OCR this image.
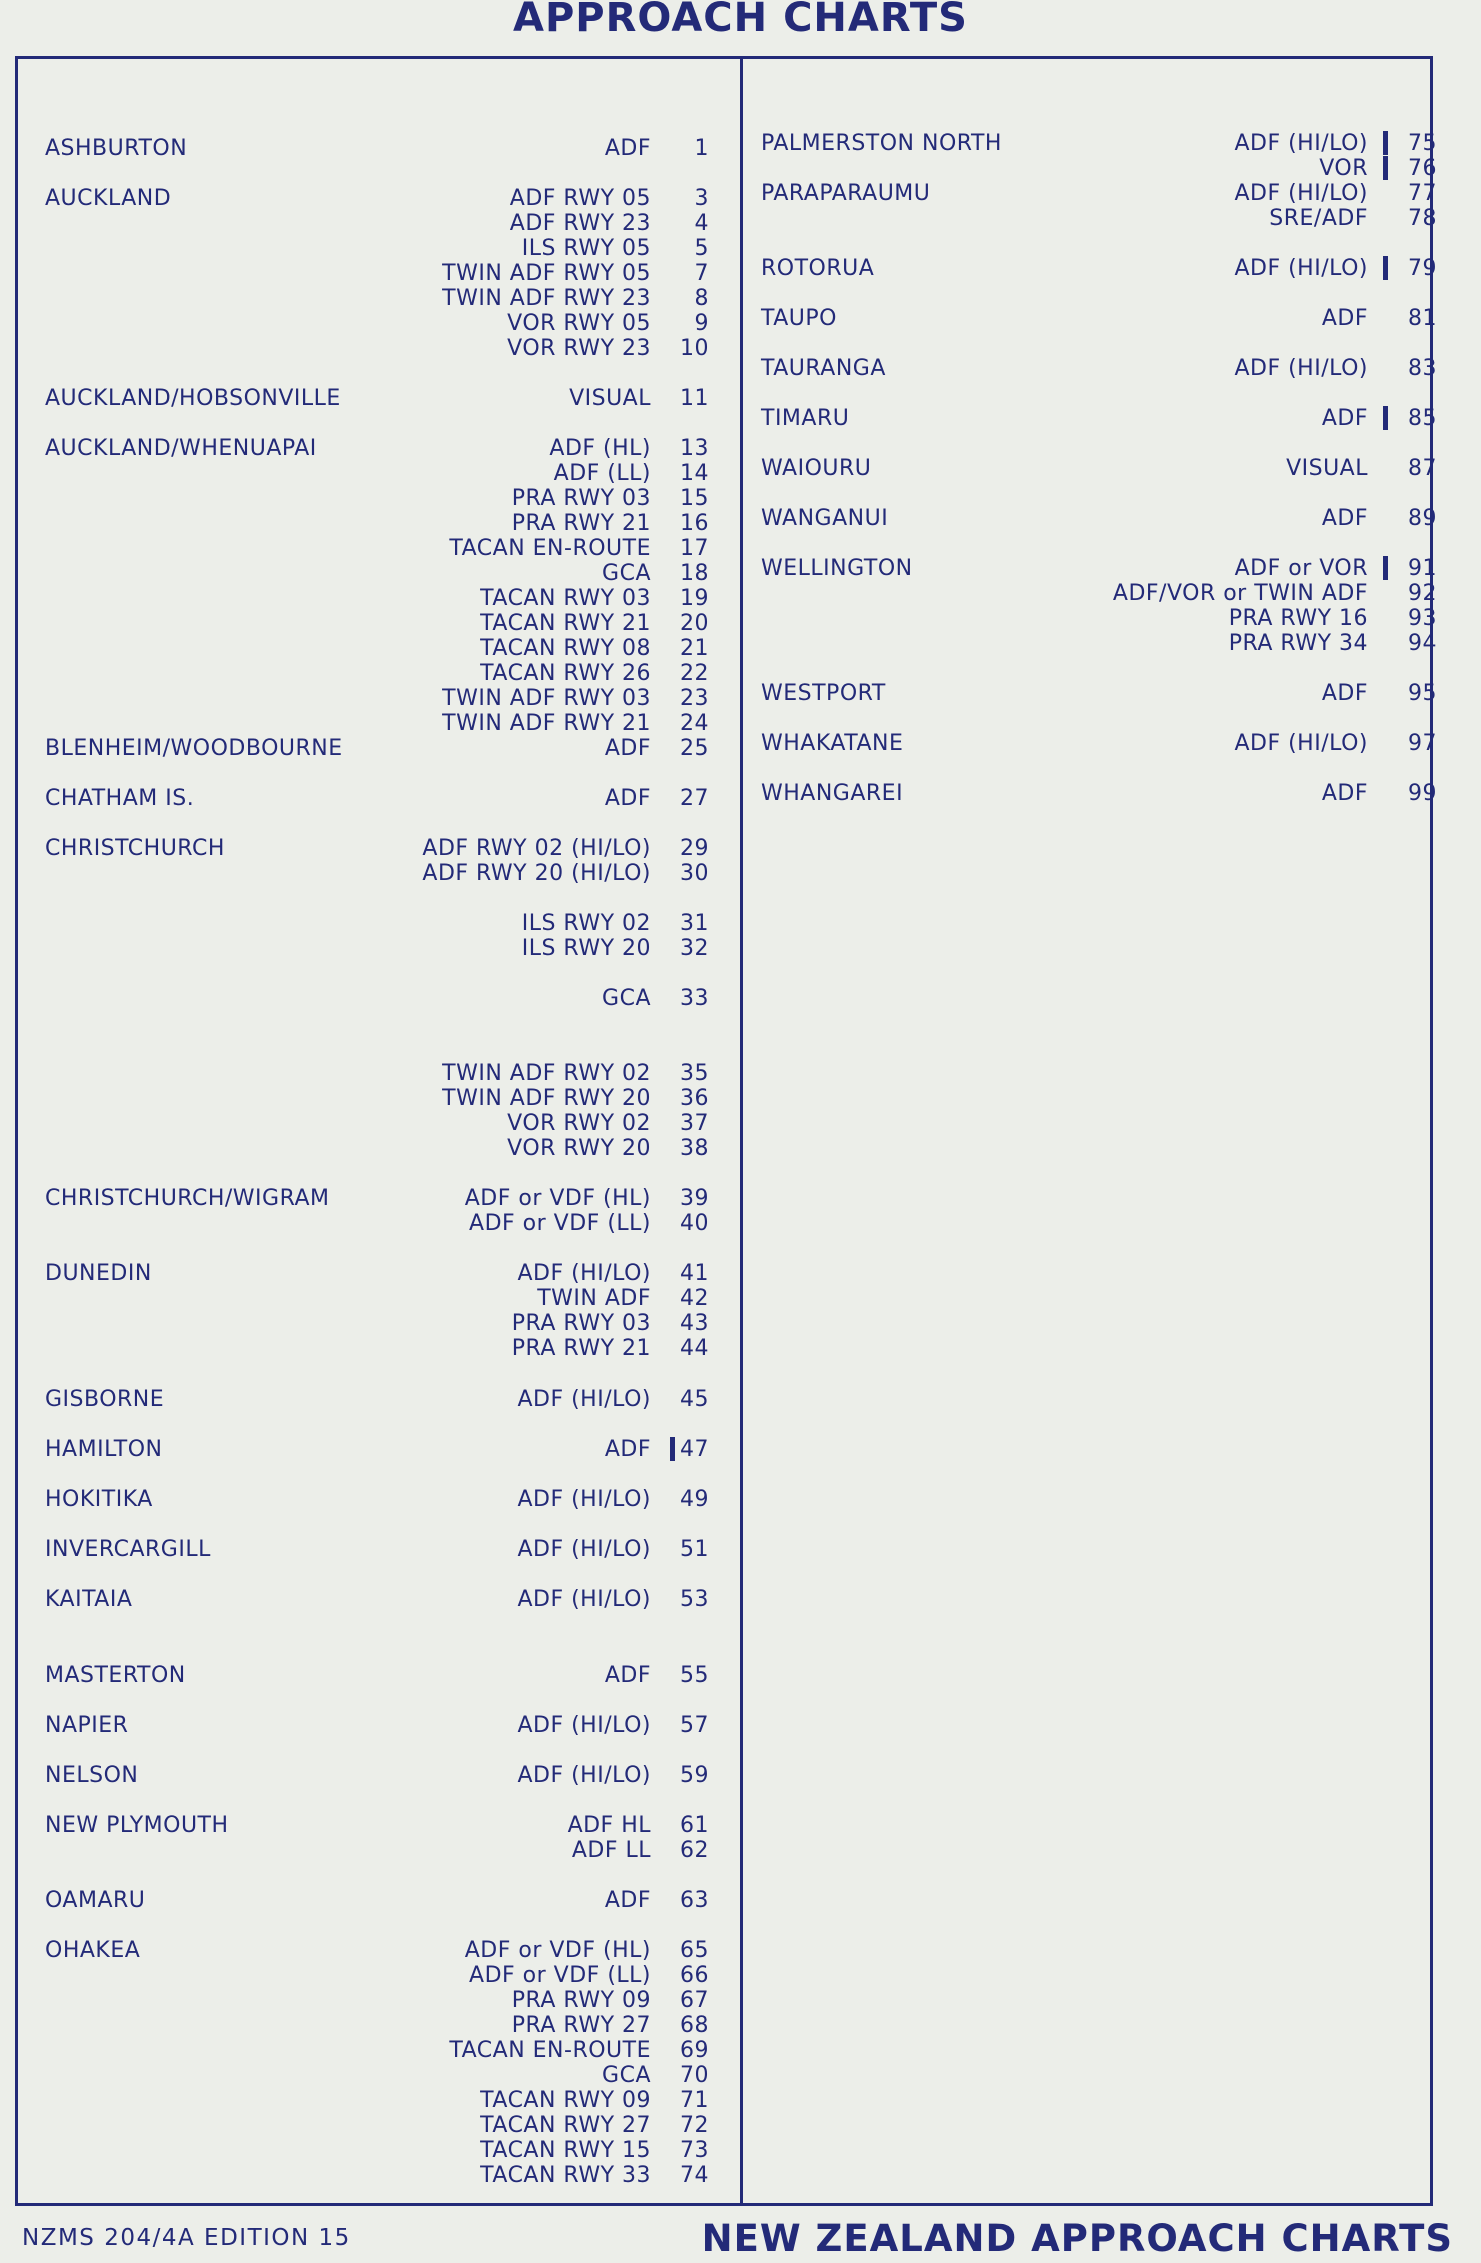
APPROACH CHARTS
ASHBURTON	ADF 1
AUCKLAND	ADF RWY 05 3
ADF RWY 23 4
ILS RWY 05 5
TWIN ADF RWY 05 7
TWIN ADF RWY 23 8
VOR RWY 05 9
VOR RWY 23 10
AUCKLAND/HOBSONVILLE	VISUAL 11
AUCKLAND/WHENUAPAI	ADF (HL) 13
ADF (LL) 14
PRA RWY 03 15
PRA RWY 21 16
TACAN EN-ROUTE 17
GCA 18
TACAN RWY 03 19
TACAN RWY 21 20
TACAN RWY 08 21
TACAN RWY 26 22
TWIN ADF RWY 03 23
TWIN ADF RWY 21 24
BLENHEIM/WOODBOURNE	ADF 25
CHATHAM IS.	ADF 27
CHRISTCHURCH	ADF RWY 02 (HI/LO) 29
ADF RWY 20 (HI/LO) 30
ILS RWY 02 31
ILS RWY 20 32
GCA 33
TWIN ADF RWY 02 35
TWIN ADF RWY 20 36
VOR RWY 02 37
VOR RWY 20 38
CHRISTCHURCH/WIGRAM	ADF or VDF (HL) 39
ADF or VDF (LL) 40
DUNEDIN	ADF (HI/LO) 41
TWIN ADF 42
PRA RWY 03 43
PRA RWY 21 44
GISBORNE	ADF (HI/LO) 45
HAMILTON	ADF 47
HOKITIKA	ADF (HI/LO) 49
INVERCARGILL	ADF (HI/LO) 51
KAITAIA	ADF (HI/LO) 53
MASTERTON	ADF 55
NAPIER	ADF (HI/LO) 57
NELSON	ADF (HI/LO) 59
NEW PLYMOUTH	ADF HL 61
ADF LL 62
OAMARU	ADF 63
OHAKEA	ADF or VDF (HL) 65
ADF or VDF (LL) 66
PRA RWY 09 67
PRA RWY 27 68
TACAN EN-ROUTE 69
GCA 70
TACAN RWY 09 71
TACAN RWY 27 72
TACAN RWY 15 73
TACAN RWY 33 74
PALMERSTON NORTH	ADF (HI/LO) 75
VOR 76
PARAPARAUMU	ADF (HI/LO) 77
SRE/ADF 78
ROTORUA	ADF (HI/LO) 79
TAUPO	ADF 81
TAURANGA	ADF (HI/LO) 83
TIMARU	ADF 85
WAIOURU	VISUAL 87
WANGANUI	ADF 89
WELLINGTON	ADF or VOR 91
ADF/VOR or TWIN ADF 92
PRA RWY 16 93
PRA RWY 34 94
WESTPORT	ADF 95
WHAKATANE	ADF (HI/LO) 97
WHANGAREI	ADF 99
NZMS 204/4A EDITION 15	NEW ZEALAND APPROACH CHARTS
